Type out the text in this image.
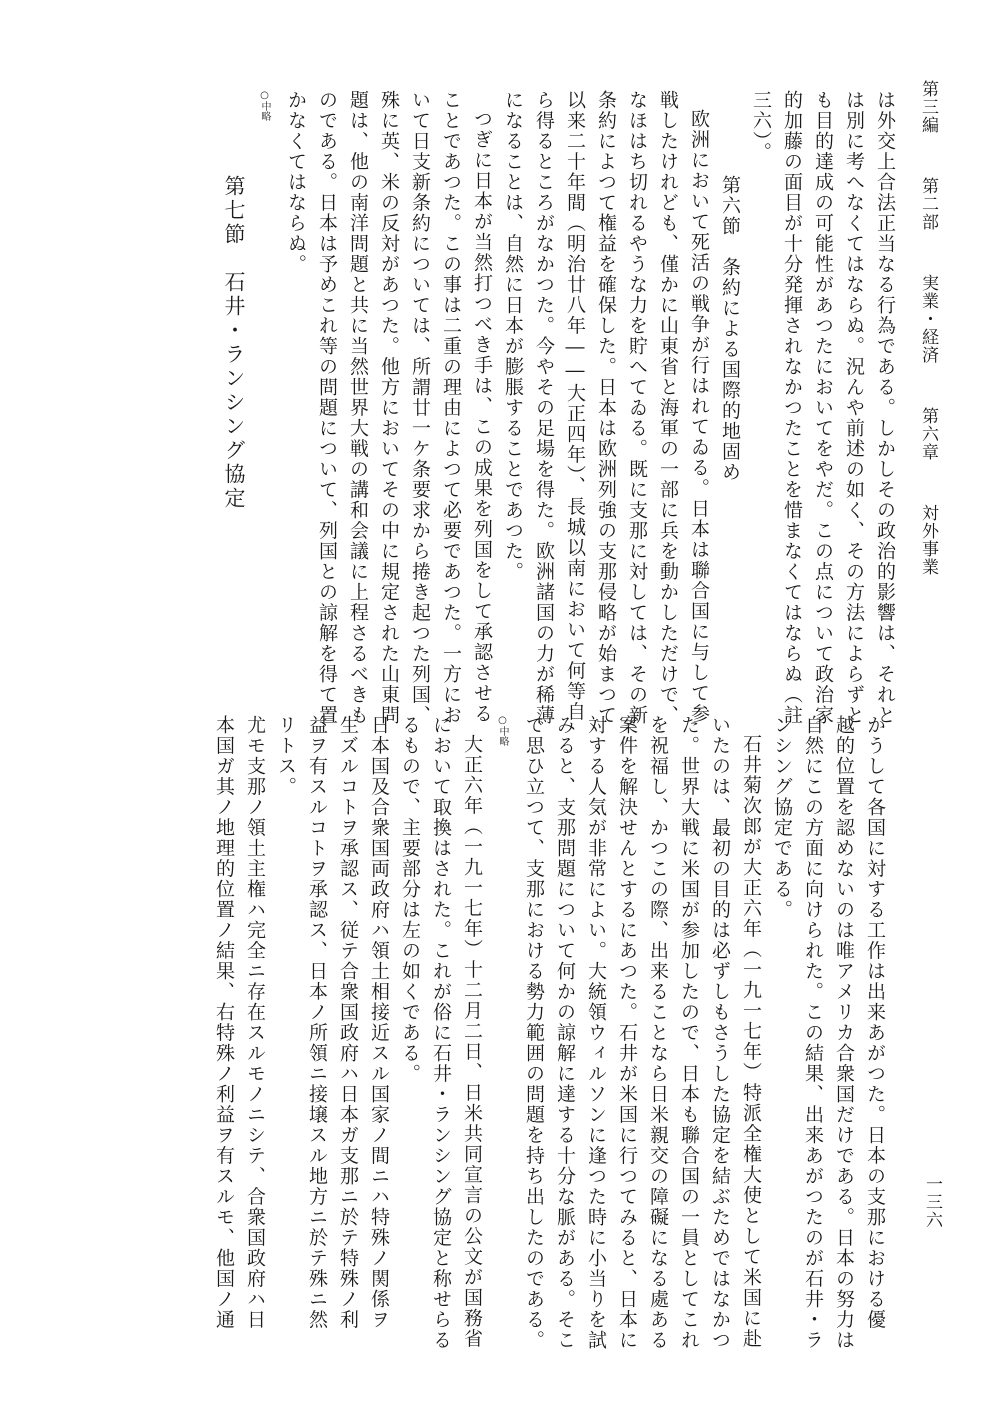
第三編 第二部 実業・経済 第六章 対外事業
一三六
は外交上合法正当なる行為である。しかしその政治的影響は、それと
は別に考へなくてはならぬ。況んや前述の如く、その方法によらずと
も目的達成の可能性があつたにおいてをやだ。この点について政治家
的加藤の面目が十分発揮されなかつたことを惜まなくてはならぬ（註
三六）。
第六節　条約による国際的地固め
欧洲において死活の戦争が行はれてゐる。日本は聯合国に与して参
戦したけれども、僅かに山東省と海軍の一部に兵を動かしただけで、
なほはち切れるやうな力を貯へてゐる。既に支那に対しては、その新
条約によつて権益を確保した。日本は欧洲列強の支那侵略が始まつて
以来二十年間（明治廿八年――大正四年）、長城以南において何等自
ら得るところがなかつた。今やその足場を得た。欧洲諸国の力が稀薄
になることは、自然に日本が膨脹することであつた。
つぎに日本が当然打つべき手は、この成果を列国をして承認させる
ことであつた。この事は二重の理由によつて必要であつた。一方にお
いて日支新条約については、所謂廿一ケ条要求から捲き起つた列国、
殊に英、米の反対があつた。他方においてその中に規定された山東問
題は、他の南洋問題と共に当然世界大戦の講和会議に上程さるべきも
のである。日本は予めこれ等の問題について、列国との諒解を得て置
かなくてはならぬ。
○中略
第七節　石井・ランシング協定
かうして各国に対する工作は出来あがつた。日本の支那における優
越的位置を認めないのは唯アメリカ合衆国だけである。日本の努力は
自然にこの方面に向けられた。この結果、出来あがつたのが石井・ラ
ンシング協定である。
石井菊次郎が大正六年（一九一七年）特派全権大使として米国に赴
いたのは、最初の目的は必ずしもさうした協定を結ぶためではなかつ
た。世界大戦に米国が参加したので、日本も聯合国の一員としてこれ
を祝福し、かつこの際、出来ることなら日米親交の障礙になる處ある
案件を解決せんとするにあつた。石井が米国に行つてみると、日本に
対する人気が非常によい。大統領ウィルソンに逢つた時に小当りを試
みると、支那問題について何かの諒解に達する十分な脈がある。そこ
で思ひ立つて、支那における勢力範囲の問題を持ち出したのである。
○中略
大正六年（一九一七年）十二月二日、日米共同宣言の公文が国務省
において取換はされた。これが俗に石井・ランシング協定と称せらる
るもので、主要部分は左の如くである。
日本国及合衆国両政府ハ領土相接近スル国家ノ間ニハ特殊ノ関係ヲ
生ズルコトヲ承認ス、従テ合衆国政府ハ日本ガ支那ニ於テ特殊ノ利
益ヲ有スルコトヲ承認ス、日本ノ所領ニ接壌スル地方ニ於テ殊ニ然
リトス。
尤モ支那ノ領土主権ハ完全ニ存在スルモノニシテ、合衆国政府ハ日
本国ガ其ノ地理的位置ノ結果、右特殊ノ利益ヲ有スルモ、他国ノ通
